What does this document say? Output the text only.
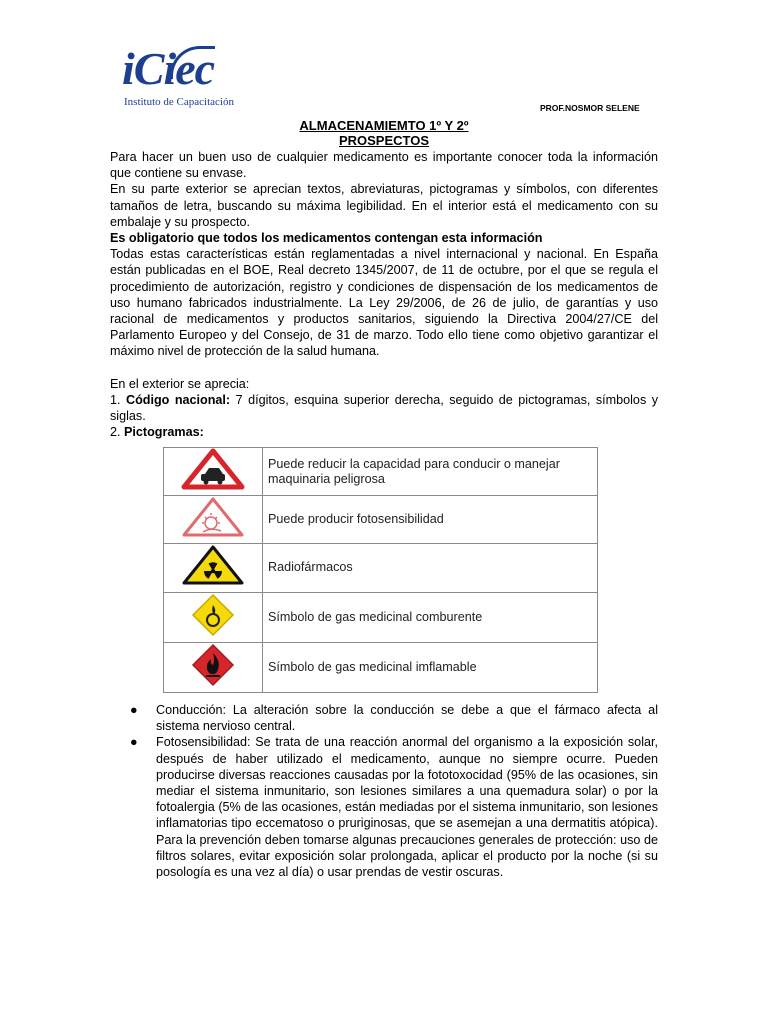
iCiec
Instituto de Capacitación	PROF.NOSMOR SELENE
ALMACENAMIEMTO 1º Y 2º
PROSPECTOS

Para hacer un buen uso de cualquier medicamento es importante conocer toda la información que contiene su envase.

En su parte exterior se aprecian textos, abreviaturas, pictogramas y símbolos, con diferentes tamaños de letra, buscando su máxima legibilidad. En el interior está el medicamento con su embalaje y su prospecto.

Es obligatorio que todos los medicamentos contengan esta información

Todas estas características están reglamentadas a nivel internacional y nacional. En España están publicadas en el BOE, Real decreto 1345/2007, de 11 de octubre, por el que se regula el procedimiento de autorización, registro y condiciones de dispensación de los medicamentos de uso humano fabricados industrialmente. La Ley 29/2006, de 26 de julio, de garantías y uso racional de medicamentos y productos sanitarios, siguiendo la Directiva 2004/27/CE del Parlamento Europeo y del Consejo, de 31 de marzo. Todo ello tiene como objetivo garantizar el máximo nivel de protección de la salud humana.

En el exterior se aprecia:

1. Código nacional: 7 dígitos, esquina superior derecha, seguido de pictogramas, símbolos y siglas.

2. Pictogramas:

	Puede reducir la capacidad para conducir o manejar maquinaria peligrosa
	Puede producir fotosensibilidad
	Radiofármacos
	Símbolo de gas medicinal comburente
	Símbolo de gas medicinal imflamable

● Conducción: La alteración sobre la conducción se debe a que el fármaco afecta al sistema nervioso central.

● Fotosensibilidad: Se trata de una reacción anormal del organismo a la exposición solar, después de haber utilizado el medicamento, aunque no siempre ocurre. Pueden producirse diversas reacciones causadas por la fototoxocidad (95% de las ocasiones, sin mediar el sistema inmunitario, son lesiones similares a una quemadura solar) o por la fotoalergia (5% de las ocasiones, están mediadas por el sistema inmunitario, son lesiones inflamatorias tipo eccematoso o pruriginosas, que se asemejan a una dermatitis atópica). Para la prevención deben tomarse algunas precauciones generales de protección: uso de filtros solares, evitar exposición solar prolongada, aplicar el producto por la noche (si su posología es una vez al día) o usar prendas de vestir oscuras.
